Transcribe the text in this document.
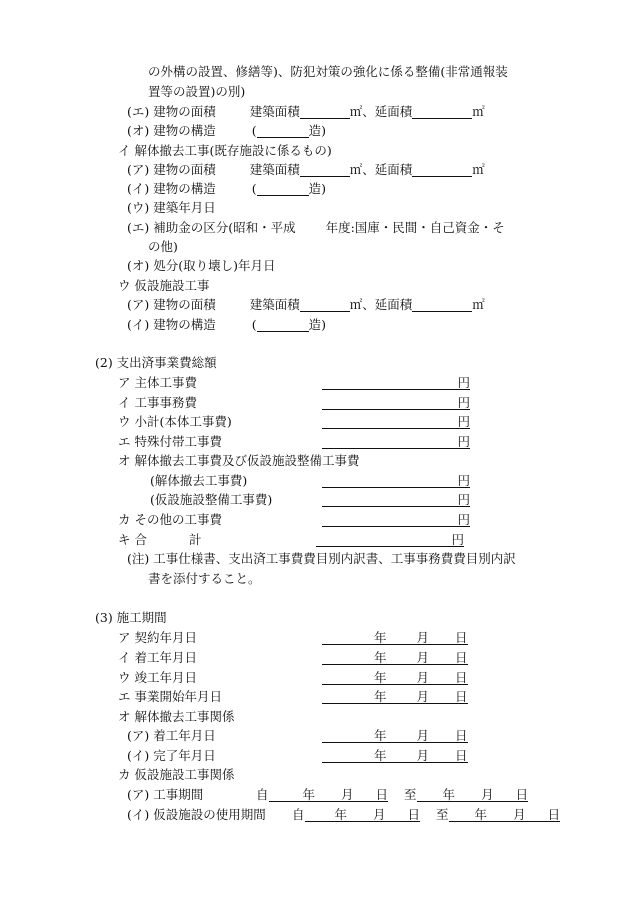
の外構の設置、修繕等)、防犯対策の強化に係る整備(非常通報装
置等の設置)の別)
(エ) 建物の面積	建築面積	㎡、延面積	㎡
(オ) 建物の構造	(	造)
イ 解体撤去工事(既存施設に係るもの)
(ア) 建物の面積	建築面積	㎡、延面積	㎡
(イ) 建物の構造	(	造)
(ウ) 建築年月日
(エ) 補助金の区分(昭和・平成 年度:国庫・民間・自己資金・そ
の他)
(オ) 処分(取り壊し)年月日
ウ 仮設施設工事
(ア) 建物の面積	建築面積	㎡、延面積	㎡
(イ) 建物の構造	(	造)
(2) 支出済事業費総額
ア 主体工事費	円
イ 工事事務費	円
ウ 小計(本体工事費)	円
エ 特殊付帯工事費	円
オ 解体撤去工事費及び仮設施設整備工事費
(解体撤去工事費)	円
(仮設施設整備工事費)	円
カ その他の工事費	円
キ 合	計	円
(注) 工事仕様書、支出済工事費費目別内訳書、工事事務費費目別内訳
書を添付すること。
(3) 施工期間
ア 契約年月日	年 月 日
イ 着工年月日	年 月 日
ウ 竣工年月日	年 月 日
エ 事業開始年月日	年 月 日
オ 解体撤去工事関係
(ア) 着工年月日	年 月 日
(イ) 完了年月日	年 月 日
カ 仮設施設工事関係
(ア) 工事期間	自	年 月 日 至 年 月 日
(イ) 仮設施設の使用期間 自 年 月 日 至 年 月 日
